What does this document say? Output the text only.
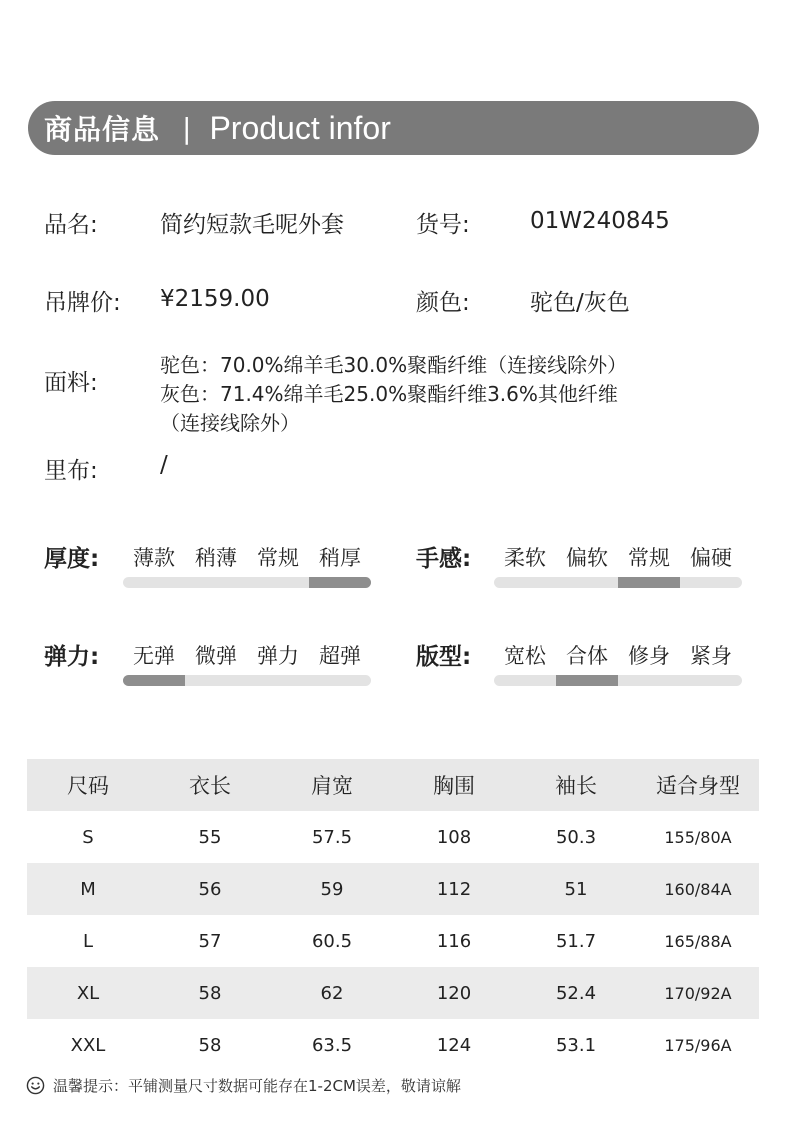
商品信息 | Product infor
品名:	简约短款毛呢外套	货号:	01W240845
吊牌价: ¥2159.00	颜色:	驼色/灰色
面料:
驼色：70.0%绵羊毛30.0%聚酯纤维（连接线除外）
灰色：71.4%绵羊毛25.0%聚酯纤维3.6%其他纤维
（连接线除外）
里布:	/
厚度:	薄款 稍薄 常规 稍厚	手感:	柔软 偏软 常规 偏硬
弹力:	无弹 微弹 弹力 超弹	版型:	宽松 合体 修身 紧身
尺码	衣长	肩宽	胸围	袖长	适合身型
S	55	57.5	108	50.3	155/80A
M	56	59	112	51	160/84A
L	57	60.5	116	51.7	165/88A
XL	58	62	120	52.4	170/92A
XXL	58	63.5	124	53.1	175/96A
温馨提示：平铺测量尺寸数据可能存在1-2CM误差，敬请谅解
